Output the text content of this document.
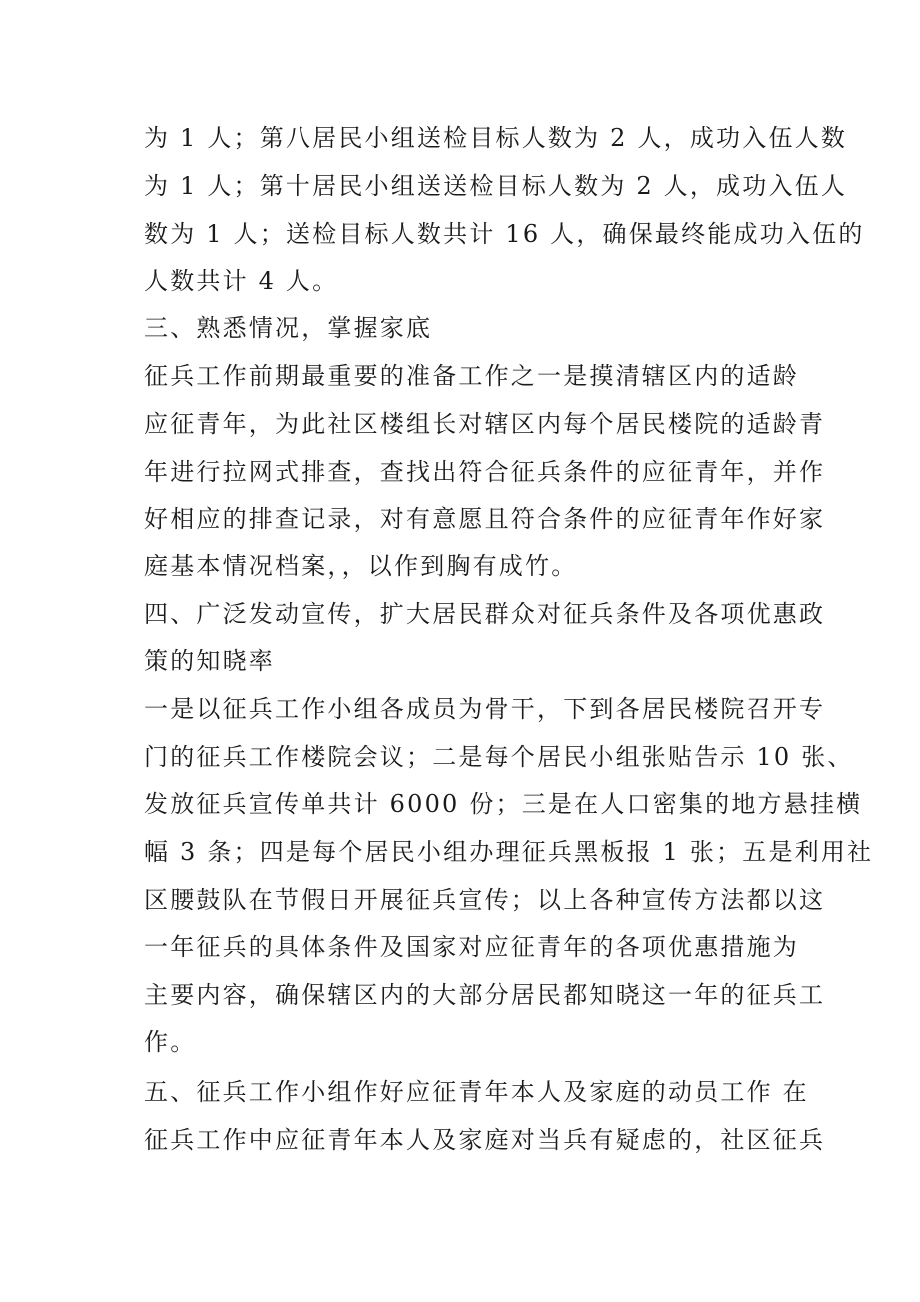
为 1 人；第八居民小组送检目标人数为 2 人，成功入伍人数
为 1 人；第十居民小组送送检目标人数为 2 人，成功入伍人
数为 1 人；送检目标人数共计 16 人，确保最终能成功入伍的
人数共计 4 人。
三、熟悉情况，掌握家底
征兵工作前期最重要的准备工作之一是摸清辖区内的适龄
应征青年，为此社区楼组长对辖区内每个居民楼院的适龄青
年进行拉网式排查，查找出符合征兵条件的应征青年，并作
好相应的排查记录，对有意愿且符合条件的应征青年作好家
庭基本情况档案，，以作到胸有成竹。
四、广泛发动宣传，扩大居民群众对征兵条件及各项优惠政
策的知晓率
一是以征兵工作小组各成员为骨干，下到各居民楼院召开专
门的征兵工作楼院会议；二是每个居民小组张贴告示 10 张、
发放征兵宣传单共计 6000 份；三是在人口密集的地方悬挂横
幅 3 条；四是每个居民小组办理征兵黑板报 1 张；五是利用社
区腰鼓队在节假日开展征兵宣传；以上各种宣传方法都以这
一年征兵的具体条件及国家对应征青年的各项优惠措施为
主要内容，确保辖区内的大部分居民都知晓这一年的征兵工
作。
五、征兵工作小组作好应征青年本人及家庭的动员工作 在
征兵工作中应征青年本人及家庭对当兵有疑虑的，社区征兵
